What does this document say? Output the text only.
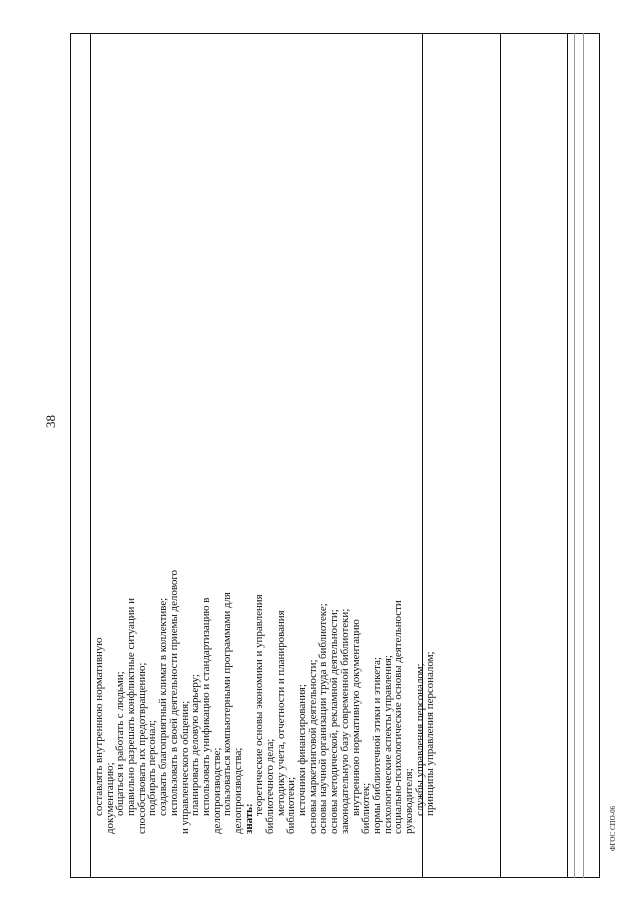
38
составлять внутреннюю нормативную
документацию;
общаться и работать с людьми;
правильно разрешать конфликтные ситуации и
способствовать их предотвращению;
подбирать персонал;
создавать благоприятный климат в коллективе;
использовать в своей деятельности приемы делового
и управленческого общения;
планировать деловую карьеру;
использовать унификацию и стандартизацию в
делопроизводстве;
пользоваться компьютерными программами для
делопроизводства;
знать:
теоретические основы экономики и управления
библиотечного дела;
методику учета, отчетности и планирования
библиотеки;
источники финансирования;
основы маркетинговой деятельности;
основы научной организации труда в библиотеке;
основы методической, рекламной деятельности;
законодательную базу современной библиотеки;
внутреннюю нормативную документацию
библиотек;
нормы библиотечной этики и этикета;
психологические аспекты управления;
социально-психологические основы деятельности
руководителя;
службы управления персоналом;
принципы управления персоналом;
ФГОС СПО-06
